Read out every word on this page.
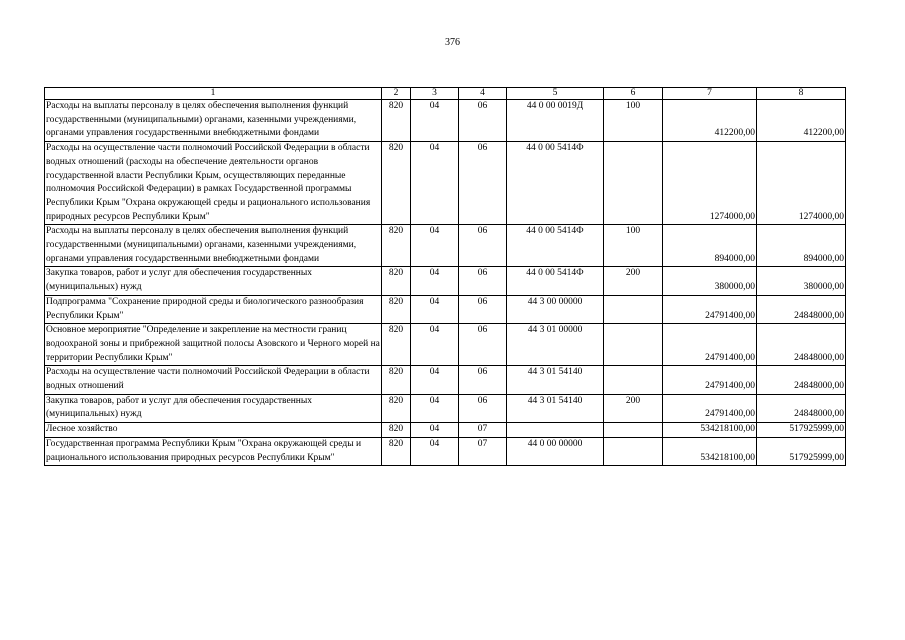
376
1	2	3	4	5	6	7	8
Расходы на выплаты персоналу в целях обеспечения выполнения функций государственными (муниципальными) органами, казенными учреждениями, органами управления государственными внебюджетными фондами	820	04	06	44 0 00 0019Д	100	412200,00	412200,00
Расходы на осуществление части полномочий Российской Федерации в области водных отношений (расходы на обеспечение деятельности органов государственной власти Республики Крым, осуществляющих переданные полномочия Российской Федерации) в рамках Государственной программы Республики Крым "Охрана окружающей среды и рационального использования природных ресурсов Республики Крым"	820	04	06	44 0 00 5414Ф		1274000,00	1274000,00
Расходы на выплаты персоналу в целях обеспечения выполнения функций государственными (муниципальными) органами, казенными учреждениями, органами управления государственными внебюджетными фондами	820	04	06	44 0 00 5414Ф	100	894000,00	894000,00
Закупка товаров, работ и услуг для обеспечения государственных (муниципальных) нужд	820	04	06	44 0 00 5414Ф	200	380000,00	380000,00
Подпрограмма "Сохранение природной среды и биологического разнообразия Республики Крым"	820	04	06	44 3 00 00000		24791400,00	24848000,00
Основное мероприятие "Определение и закрепление на местности границ водоохраной зоны и прибрежной защитной полосы Азовского и Черного морей на территории Республики Крым"	820	04	06	44 3 01 00000		24791400,00	24848000,00
Расходы на осуществление части полномочий Российской Федерации в области водных отношений	820	04	06	44 3 01 54140		24791400,00	24848000,00
Закупка товаров, работ и услуг для обеспечения государственных (муниципальных) нужд	820	04	06	44 3 01 54140	200	24791400,00	24848000,00
Лесное хозяйство	820	04	07			534218100,00	517925999,00
Государственная программа Республики Крым "Охрана окружающей среды и рационального использования природных ресурсов Республики Крым"	820	04	07	44 0 00 00000		534218100,00	517925999,00
